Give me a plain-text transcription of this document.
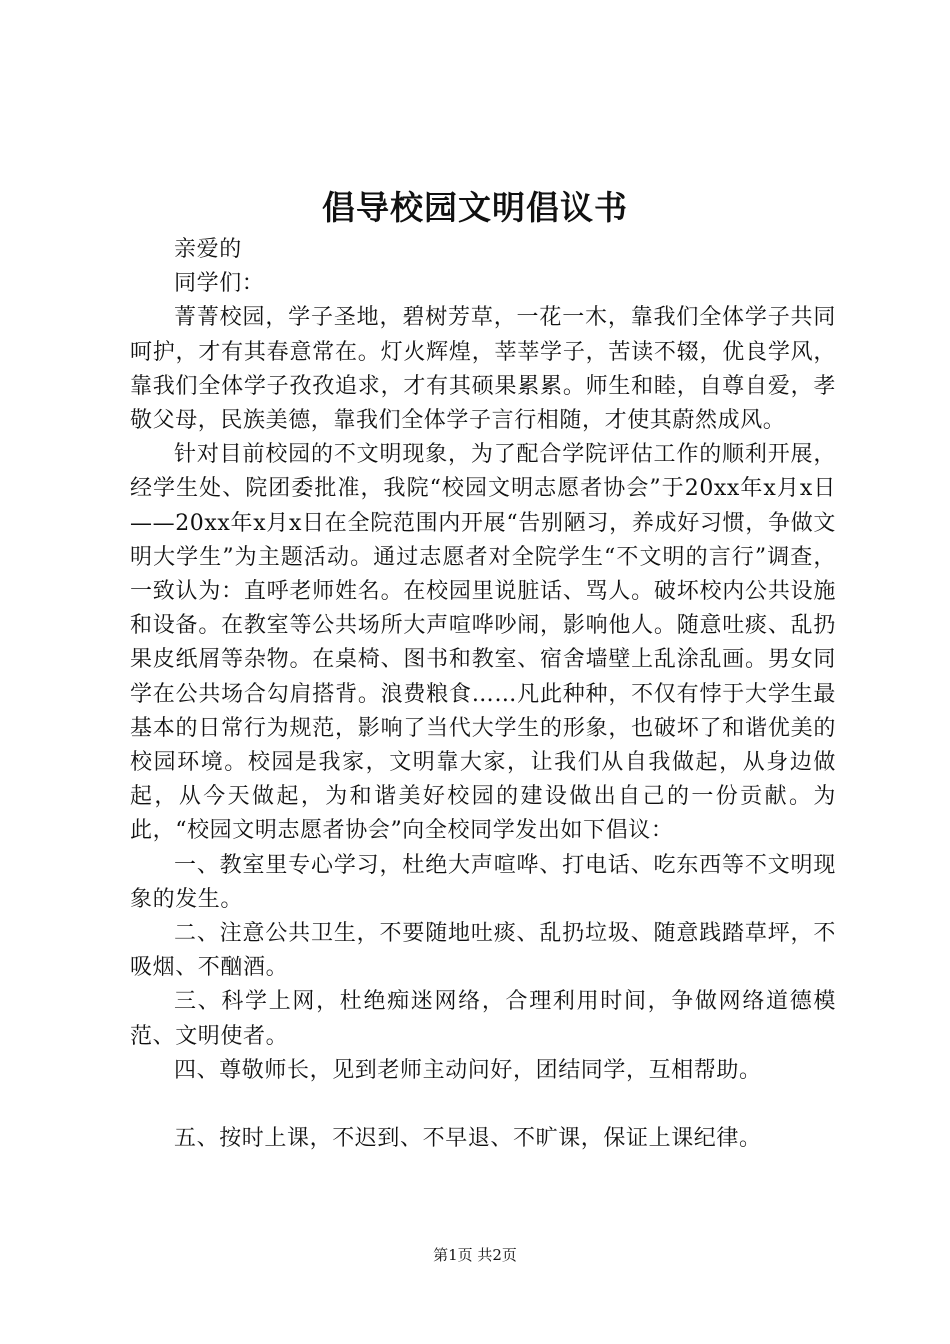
倡导校园文明倡议书

亲爱的

同学们：

菁菁校园，学子圣地，碧树芳草，一花一木，靠我们全体学子共同呵护，才有其春意常在。灯火辉煌，莘莘学子，苦读不辍，优良学风，靠我们全体学子孜孜追求，才有其硕果累累。师生和睦，自尊自爱，孝敬父母，民族美德，靠我们全体学子言行相随，才使其蔚然成风。

针对目前校园的不文明现象，为了配合学院评估工作的顺利开展，经学生处、院团委批准，我院“校园文明志愿者协会”于20xx年x月x日——20xx年x月x日在全院范围内开展“告别陋习，养成好习惯，争做文明大学生”为主题活动。通过志愿者对全院学生“不文明的言行”调查，一致认为：直呼老师姓名。在校园里说脏话、骂人。破坏校内公共设施和设备。在教室等公共场所大声喧哗吵闹，影响他人。随意吐痰、乱扔果皮纸屑等杂物。在桌椅、图书和教室、宿舍墙壁上乱涂乱画。男女同学在公共场合勾肩搭背。浪费粮食……凡此种种，不仅有悖于大学生最基本的日常行为规范，影响了当代大学生的形象，也破坏了和谐优美的校园环境。校园是我家，文明靠大家，让我们从自我做起，从身边做起，从今天做起，为和谐美好校园的建设做出自己的一份贡献。为此，“校园文明志愿者协会”向全校同学发出如下倡议：

一、教室里专心学习，杜绝大声喧哗、打电话、吃东西等不文明现象的发生。

二、注意公共卫生，不要随地吐痰、乱扔垃圾、随意践踏草坪，不吸烟、不酗酒。

三、科学上网，杜绝痴迷网络，合理利用时间，争做网络道德模范、文明使者。

四、尊敬师长，见到老师主动问好，团结同学，互相帮助。

五、按时上课，不迟到、不早退、不旷课，保证上课纪律。

第1页 共2页
